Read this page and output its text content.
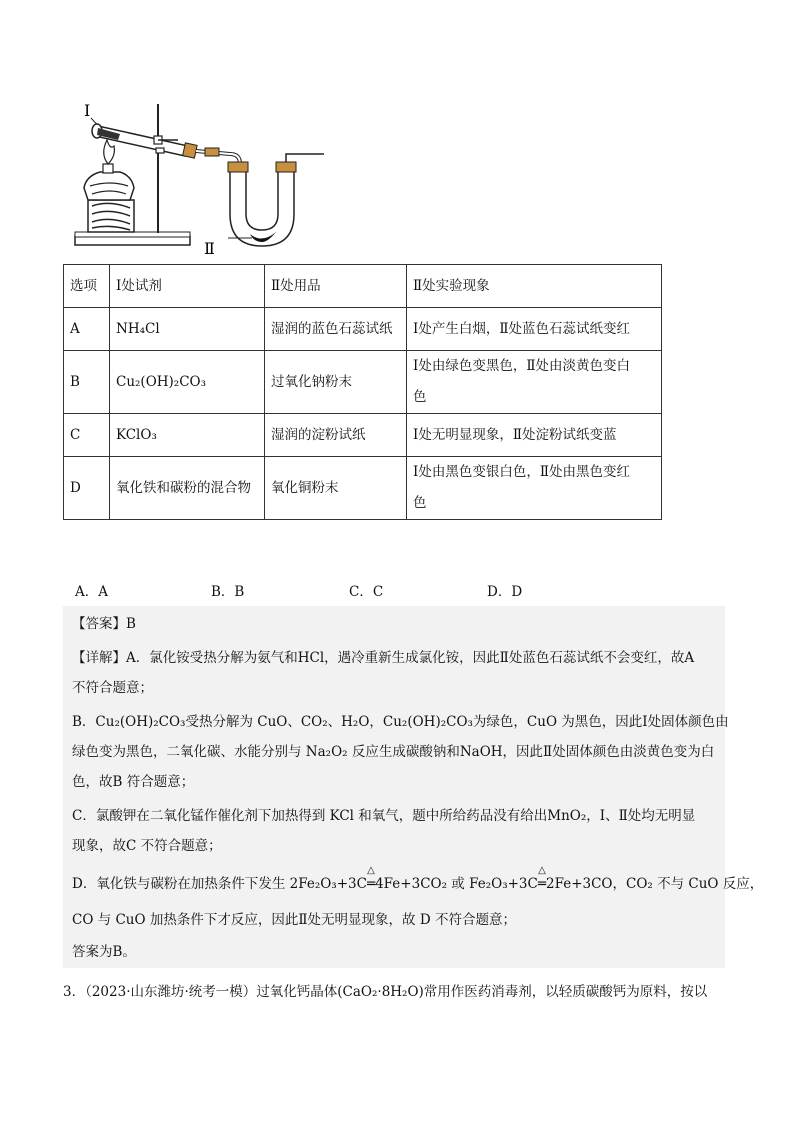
I
Ⅱ
选项	Ⅰ处试剂	Ⅱ处用品	Ⅱ处实验现象
A	NH₄Cl	湿润的蓝色石蕊试纸	Ⅰ处产生白烟，Ⅱ处蓝色石蕊试纸变红
B	Cu₂(OH)₂CO₃	过氧化钠粉末	Ⅰ处由绿色变黑色，Ⅱ处由淡黄色变白
色
C	KClO₃	湿润的淀粉试纸	Ⅰ处无明显现象，Ⅱ处淀粉试纸变蓝
D	氧化铁和碳粉的混合物	氧化铜粉末	Ⅰ处由黑色变银白色，Ⅱ处由黑色变红
色
A．A	B．B	C．C	D．D
【答案】B
【详解】A．氯化铵受热分解为氨气和HCl，遇冷重新生成氯化铵，因此Ⅱ处蓝色石蕊试纸不会变红，故A
不符合题意；
B．Cu₂(OH)₂CO₃受热分解为 CuO、CO₂、H₂O，Cu₂(OH)₂CO₃为绿色，CuO 为黑色，因此Ⅰ处固体颜色由
绿色变为黑色，二氧化碳、水能分别与 Na₂O₂ 反应生成碳酸钠和NaOH，因此Ⅱ处固体颜色由淡黄色变为白
色，故B 符合题意；
C．氯酸钾在二氧化锰作催化剂下加热得到 KCl 和氧气，题中所给药品没有给出MnO₂，Ⅰ、Ⅱ处均无明显
现象，故C 不符合题意；
D．氧化铁与碳粉在加热条件下发生 2Fe₂O₃+3C
△
═4Fe+3CO₂ 或 Fe₂O₃+3C
△
═2Fe+3CO，CO₂ 不与 CuO 反应，
CO 与 CuO 加热条件下才反应，因此Ⅱ处无明显现象，故 D 不符合题意；
答案为B。
3．（2023·山东潍坊·统考一模）过氧化钙晶体(CaO₂·8H₂O)常用作医药消毒剂，以轻质碳酸钙为原料，按以
